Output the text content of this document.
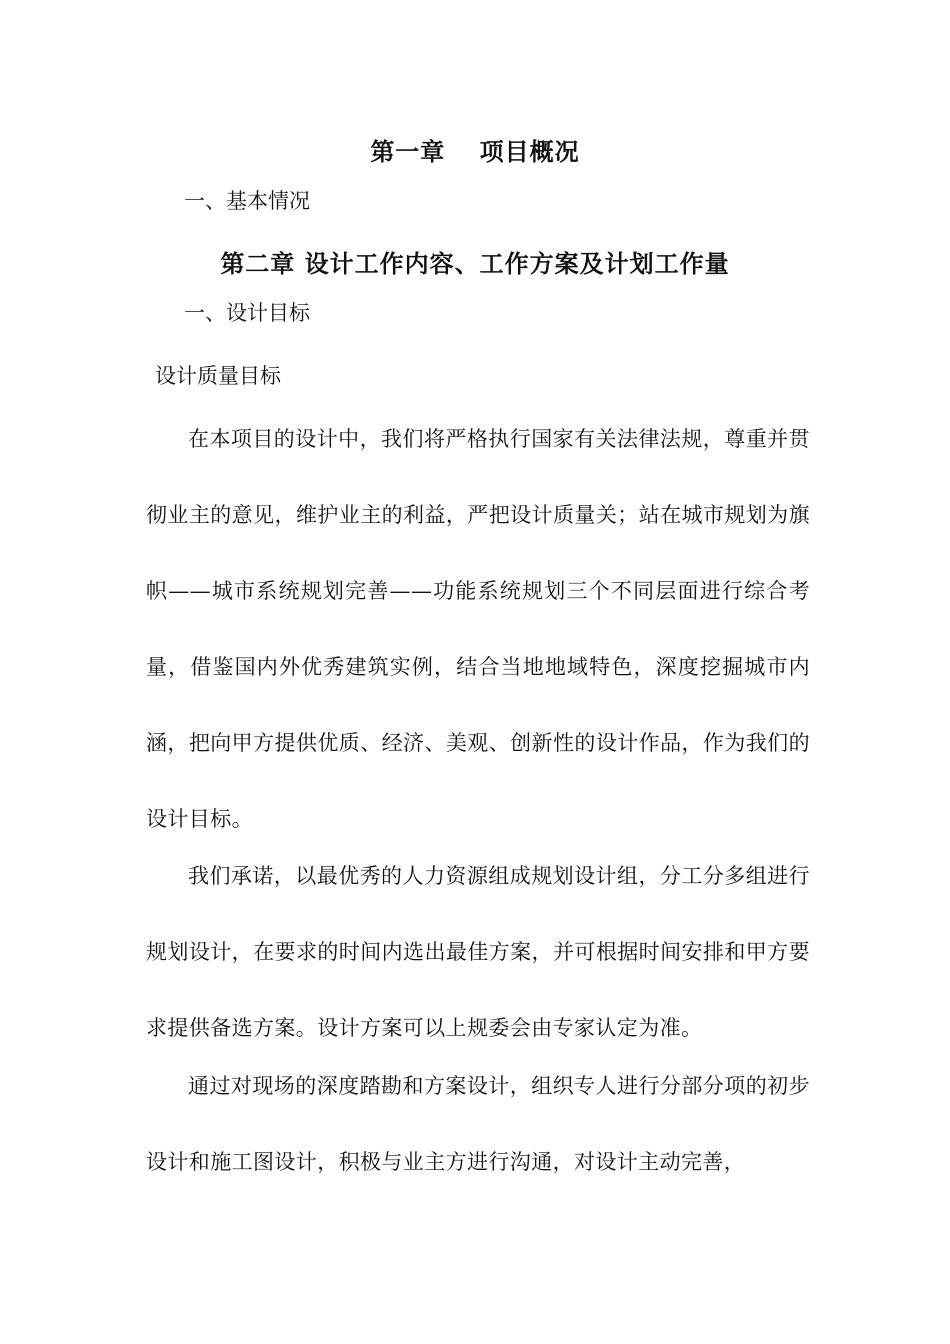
第一章　 项目概况

一、基本情况

第二章 设计工作内容、工作方案及计划工作量

一、设计目标

设计质量目标

在本项目的设计中，我们将严格执行国家有关法律法规，尊重并贯彻业主的意见，维护业主的利益，严把设计质量关；站在城市规划为旗帜——城市系统规划完善——功能系统规划三个不同层面进行综合考量，借鉴国内外优秀建筑实例，结合当地地域特色，深度挖掘城市内涵，把向甲方提供优质、经济、美观、创新性的设计作品，作为我们的设计目标。

我们承诺，以最优秀的人力资源组成规划设计组，分工分多组进行规划设计，在要求的时间内选出最佳方案，并可根据时间安排和甲方要求提供备选方案。设计方案可以上规委会由专家认定为准。

通过对现场的深度踏勘和方案设计，组织专人进行分部分项的初步设计和施工图设计，积极与业主方进行沟通，对设计主动完善，
